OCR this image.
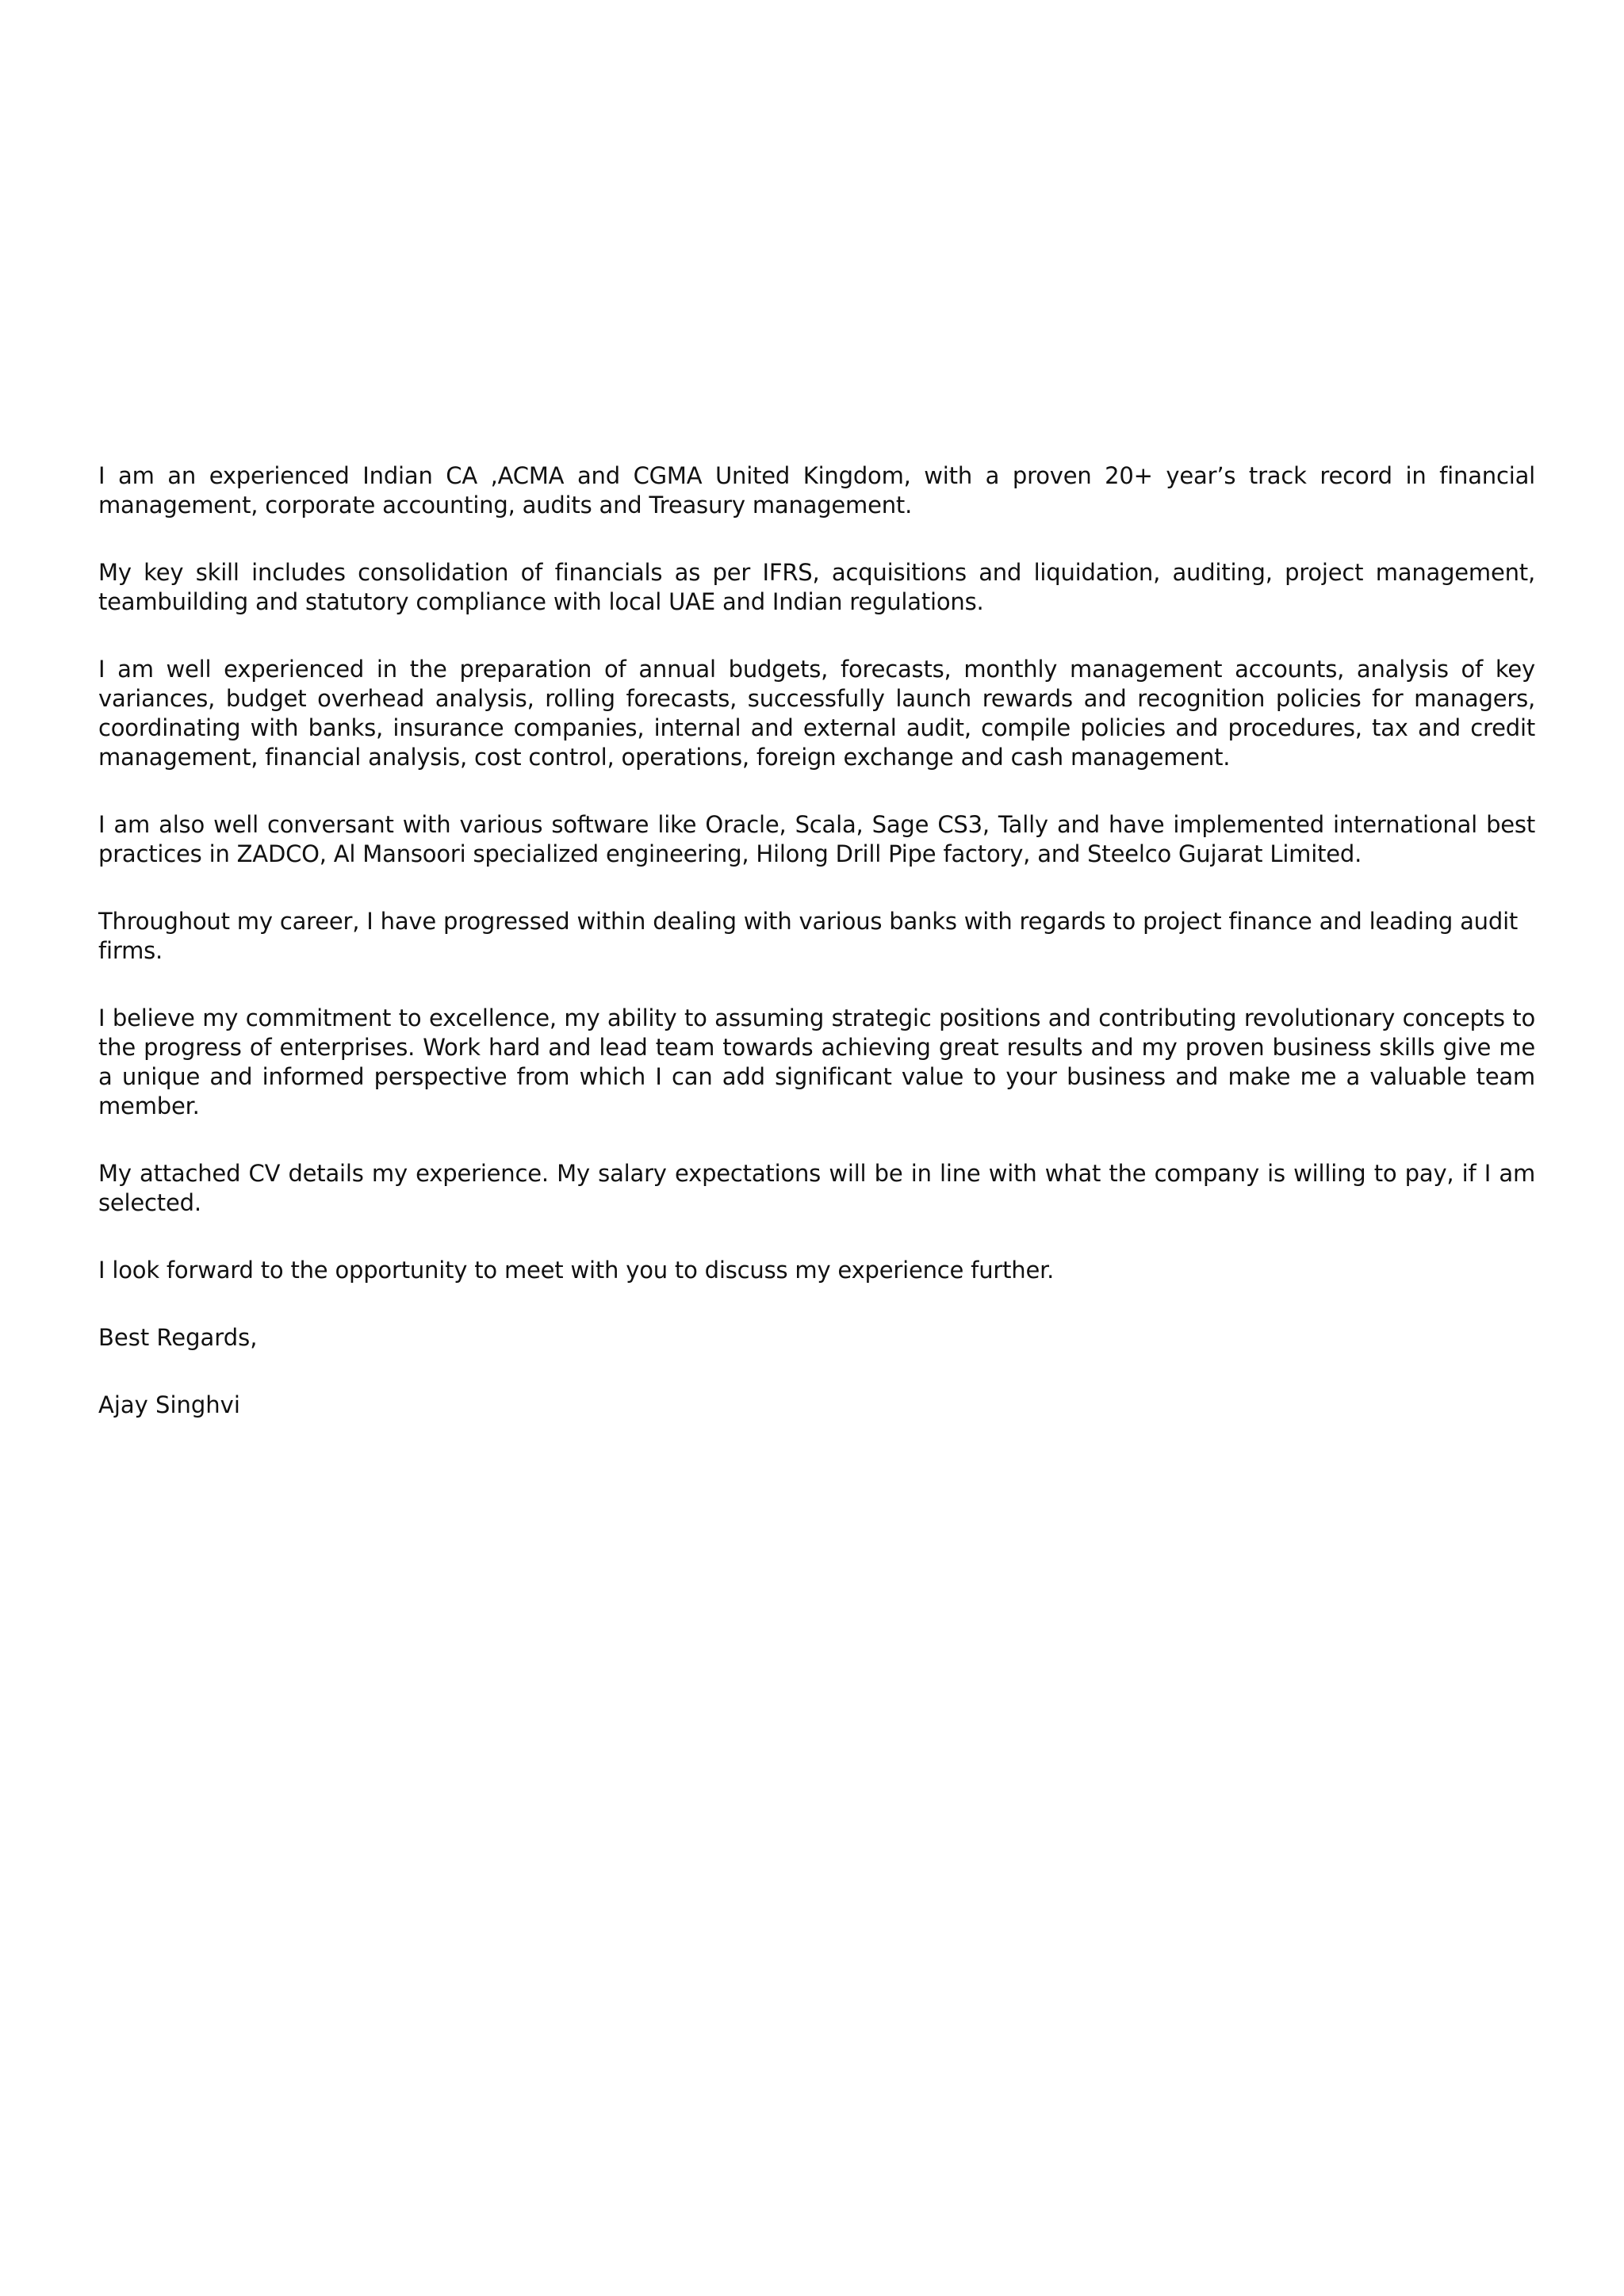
I am an experienced Indian CA ,ACMA and CGMA United Kingdom, with a proven 20+ year’s track record in financial management, corporate accounting, audits and Treasury management.

My key skill includes consolidation of financials as per IFRS, acquisitions and liquidation, auditing, project management, teambuilding and statutory compliance with local UAE and Indian regulations.

I am well experienced in the preparation of annual budgets, forecasts, monthly management accounts, analysis of key variances, budget overhead analysis, rolling forecasts, successfully launch rewards and recognition policies for managers, coordinating with banks, insurance companies, internal and external audit, compile policies and procedures, tax and credit management, financial analysis, cost control, operations, foreign exchange and cash management.

I am also well conversant with various software like Oracle, Scala, Sage CS3, Tally and have implemented international best practices in ZADCO, Al Mansoori specialized engineering, Hilong Drill Pipe factory, and Steelco Gujarat Limited.

Throughout my career, I have progressed within dealing with various banks with regards to project finance and leading audit firms.

I believe my commitment to excellence, my ability to assuming strategic positions and contributing revolutionary concepts to the progress of enterprises. Work hard and lead team towards achieving great results and my proven business skills give me a unique and informed perspective from which I can add significant value to your business and make me a valuable team member.

My attached CV details my experience. My salary expectations will be in line with what the company is willing to pay, if I am selected.

I look forward to the opportunity to meet with you to discuss my experience further.

Best Regards,

Ajay Singhvi
